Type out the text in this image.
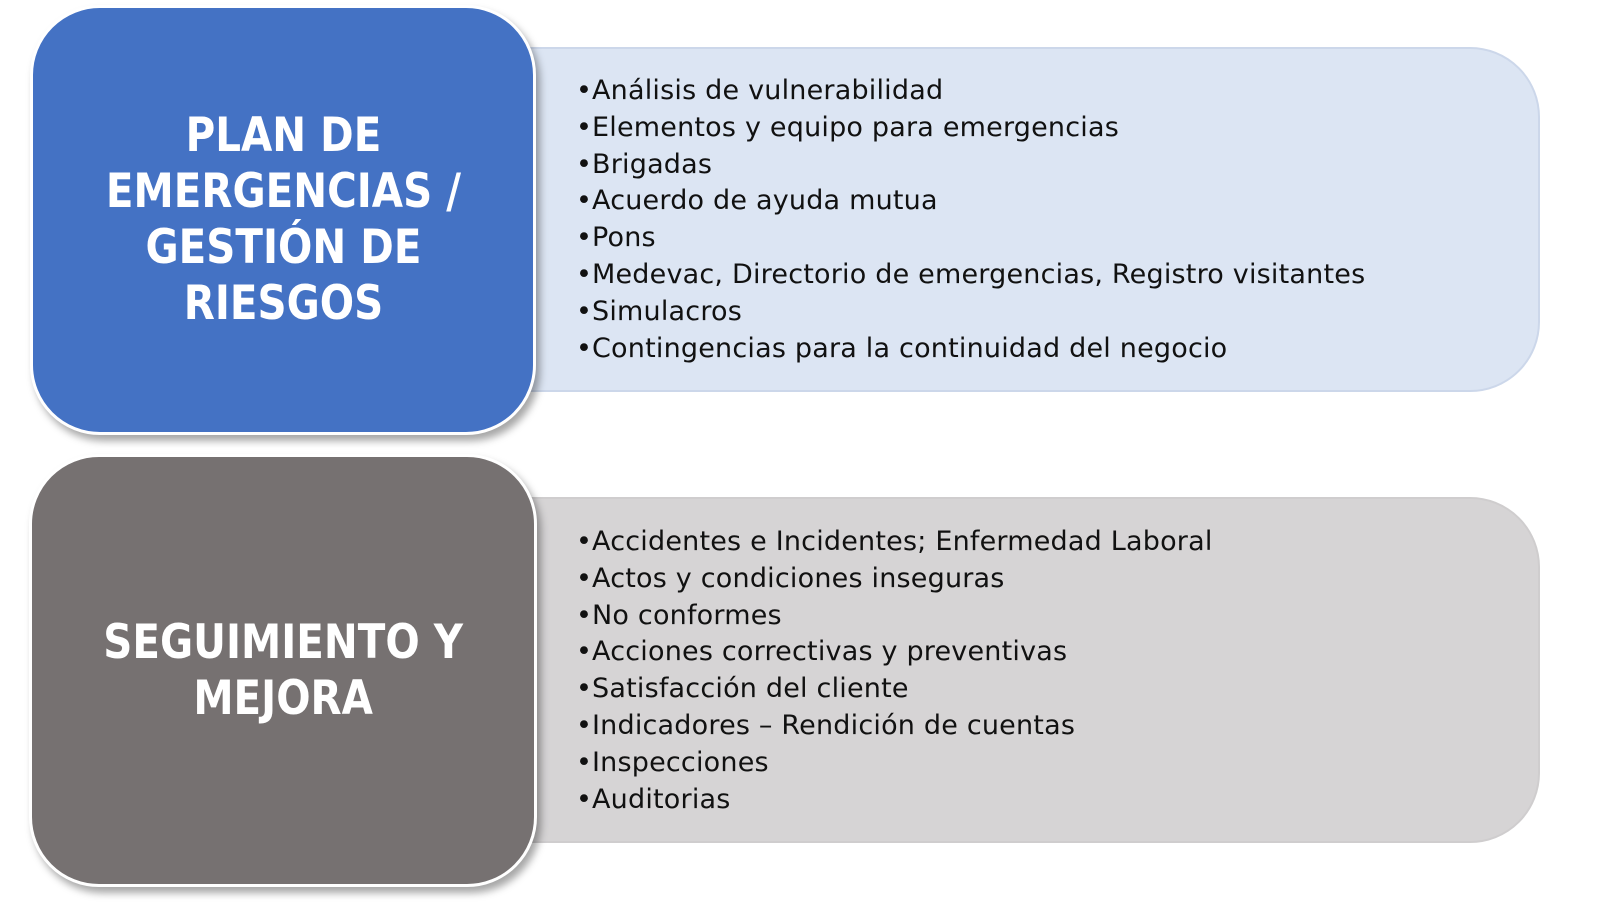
• Análisis de vulnerabilidad
• Elementos y equipo para emergencias
• Brigadas
• Acuerdo de ayuda mutua
• Pons
• Medevac, Directorio de emergencias, Registro visitantes
• Simulacros
• Contingencias para la continuidad del negocio
PLAN DE
EMERGENCIAS /
GESTIÓN DE
RIESGOS
• Accidentes e Incidentes; Enfermedad Laboral
• Actos y condiciones inseguras
• No conformes
• Acciones correctivas y preventivas
• Satisfacción del cliente
• Indicadores – Rendición de cuentas
• Inspecciones
• Auditorias
SEGUIMIENTO Y
MEJORA
